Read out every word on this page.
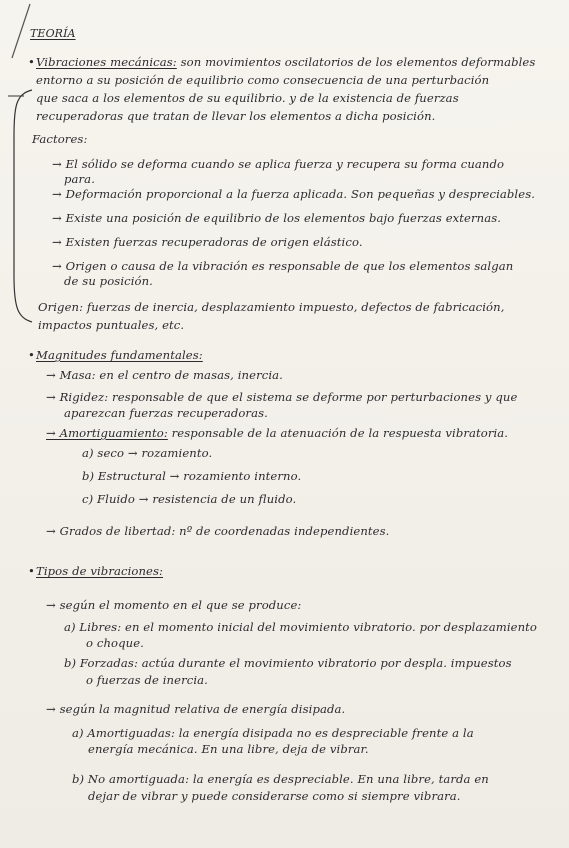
TEORÍA
• Vibraciones mecánicas: son movimientos oscilatorios de los elementos deformables
entorno a su posición de equilibrio como consecuencia de una perturbación
que saca a los elementos de su equilibrio. y de la existencia de fuerzas
recuperadoras que tratan de llevar los elementos a dicha posición.
Factores:
→ El sólido se deforma cuando se aplica fuerza y recupera su forma cuando
para.
→ Deformación proporcional a la fuerza aplicada. Son pequeñas y despreciables.
→ Existe una posición de equilibrio de los elementos bajo fuerzas externas.
→ Existen fuerzas recuperadoras de origen elástico.
→ Origen o causa de la vibración es responsable de que los elementos salgan
de su posición.
Origen: fuerzas de inercia, desplazamiento impuesto, defectos de fabricación,
impactos puntuales, etc.
• Magnitudes fundamentales:
→ Masa: en el centro de masas, inercia.
→ Rigidez: responsable de que el sistema se deforme por perturbaciones y que
aparezcan fuerzas recuperadoras.
→ Amortiguamiento: responsable de la atenuación de la respuesta vibratoria.
a) seco → rozamiento.
b) Estructural → rozamiento interno.
c) Fluido → resistencia de un fluido.
→ Grados de libertad: nº de coordenadas independientes.
• Tipos de vibraciones:
→ según el momento en el que se produce:
a) Libres: en el momento inicial del movimiento vibratorio. por desplazamiento
o choque.
b) Forzadas: actúa durante el movimiento vibratorio por despla. impuestos
o fuerzas de inercia.
→ según la magnitud relativa de energía disipada.
a) Amortiguadas: la energía disipada no es despreciable frente a la
energía mecánica. En una libre, deja de vibrar.
b) No amortiguada: la energía es despreciable. En una libre, tarda en
dejar de vibrar y puede considerarse como si siempre vibrara.
